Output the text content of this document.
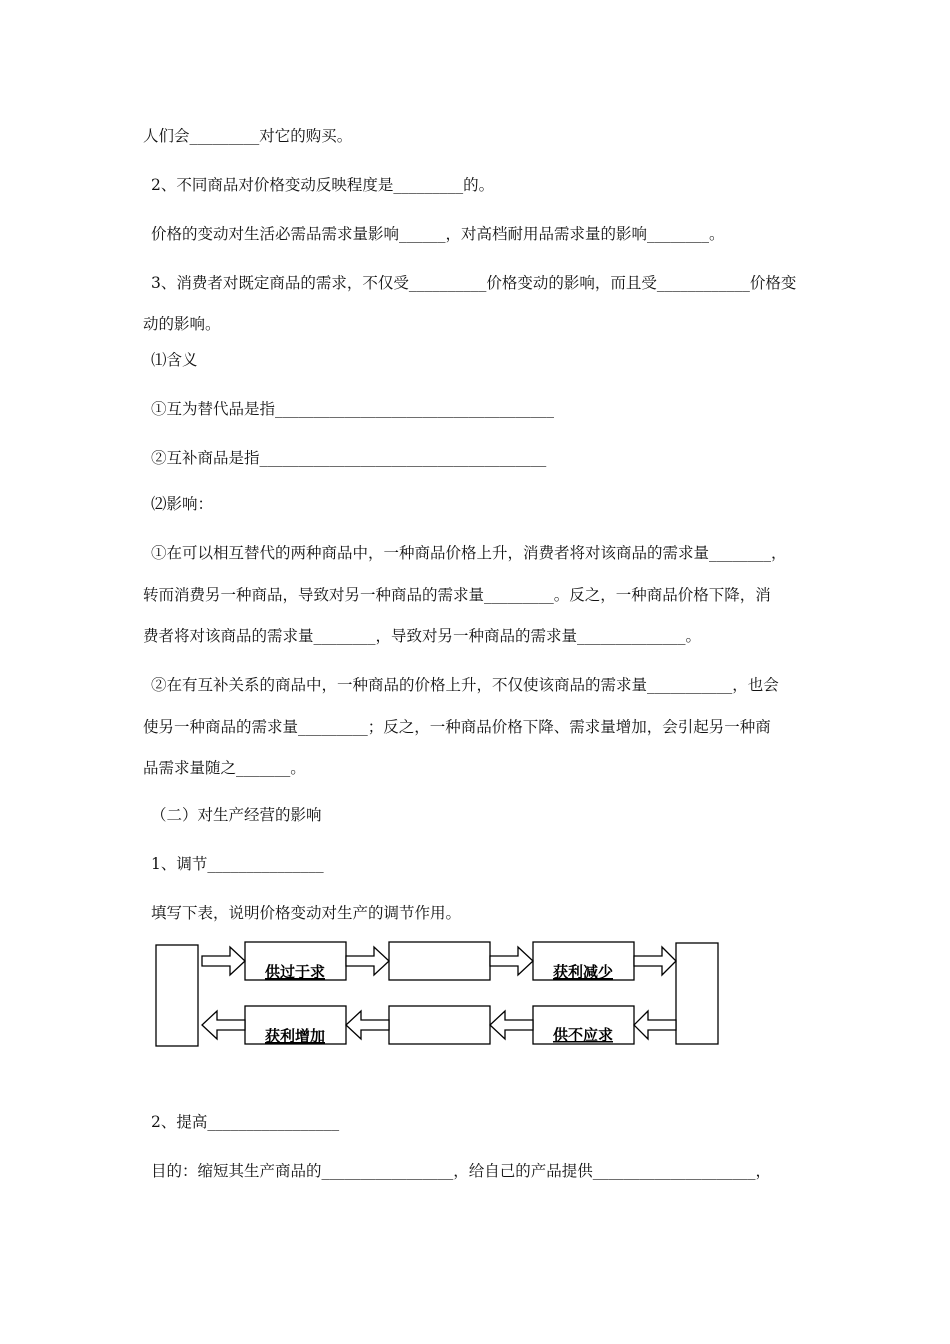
人们会_________对它的购买。
2、不同商品对价格变动反映程度是_________的。
价格的变动对生活必需品需求量影响______，对高档耐用品需求量的影响________。
3、消费者对既定商品的需求，不仅受__________价格变动的影响，而且受____________价格变
动的影响。
⑴含义
①互为替代品是指____________________________________
②互补商品是指_____________________________________
⑵影响：
①在可以相互替代的两种商品中，一种商品价格上升，消费者将对该商品的需求量________，
转而消费另一种商品，导致对另一种商品的需求量_________。反之，一种商品价格下降，消
费者将对该商品的需求量________，导致对另一种商品的需求量______________。
②在有互补关系的商品中，一种商品的价格上升，不仅使该商品的需求量___________，也会
使另一种商品的需求量_________；反之，一种商品价格下降、需求量增加，会引起另一种商
品需求量随之_______。
（二）对生产经营的影响
1、调节_______________
填写下表，说明价格变动对生产的调节作用。
2、提高_________________
目的：缩短其生产商品的_________________，给自己的产品提供_____________________，
供过于求	获利减少
获利增加	供不应求
